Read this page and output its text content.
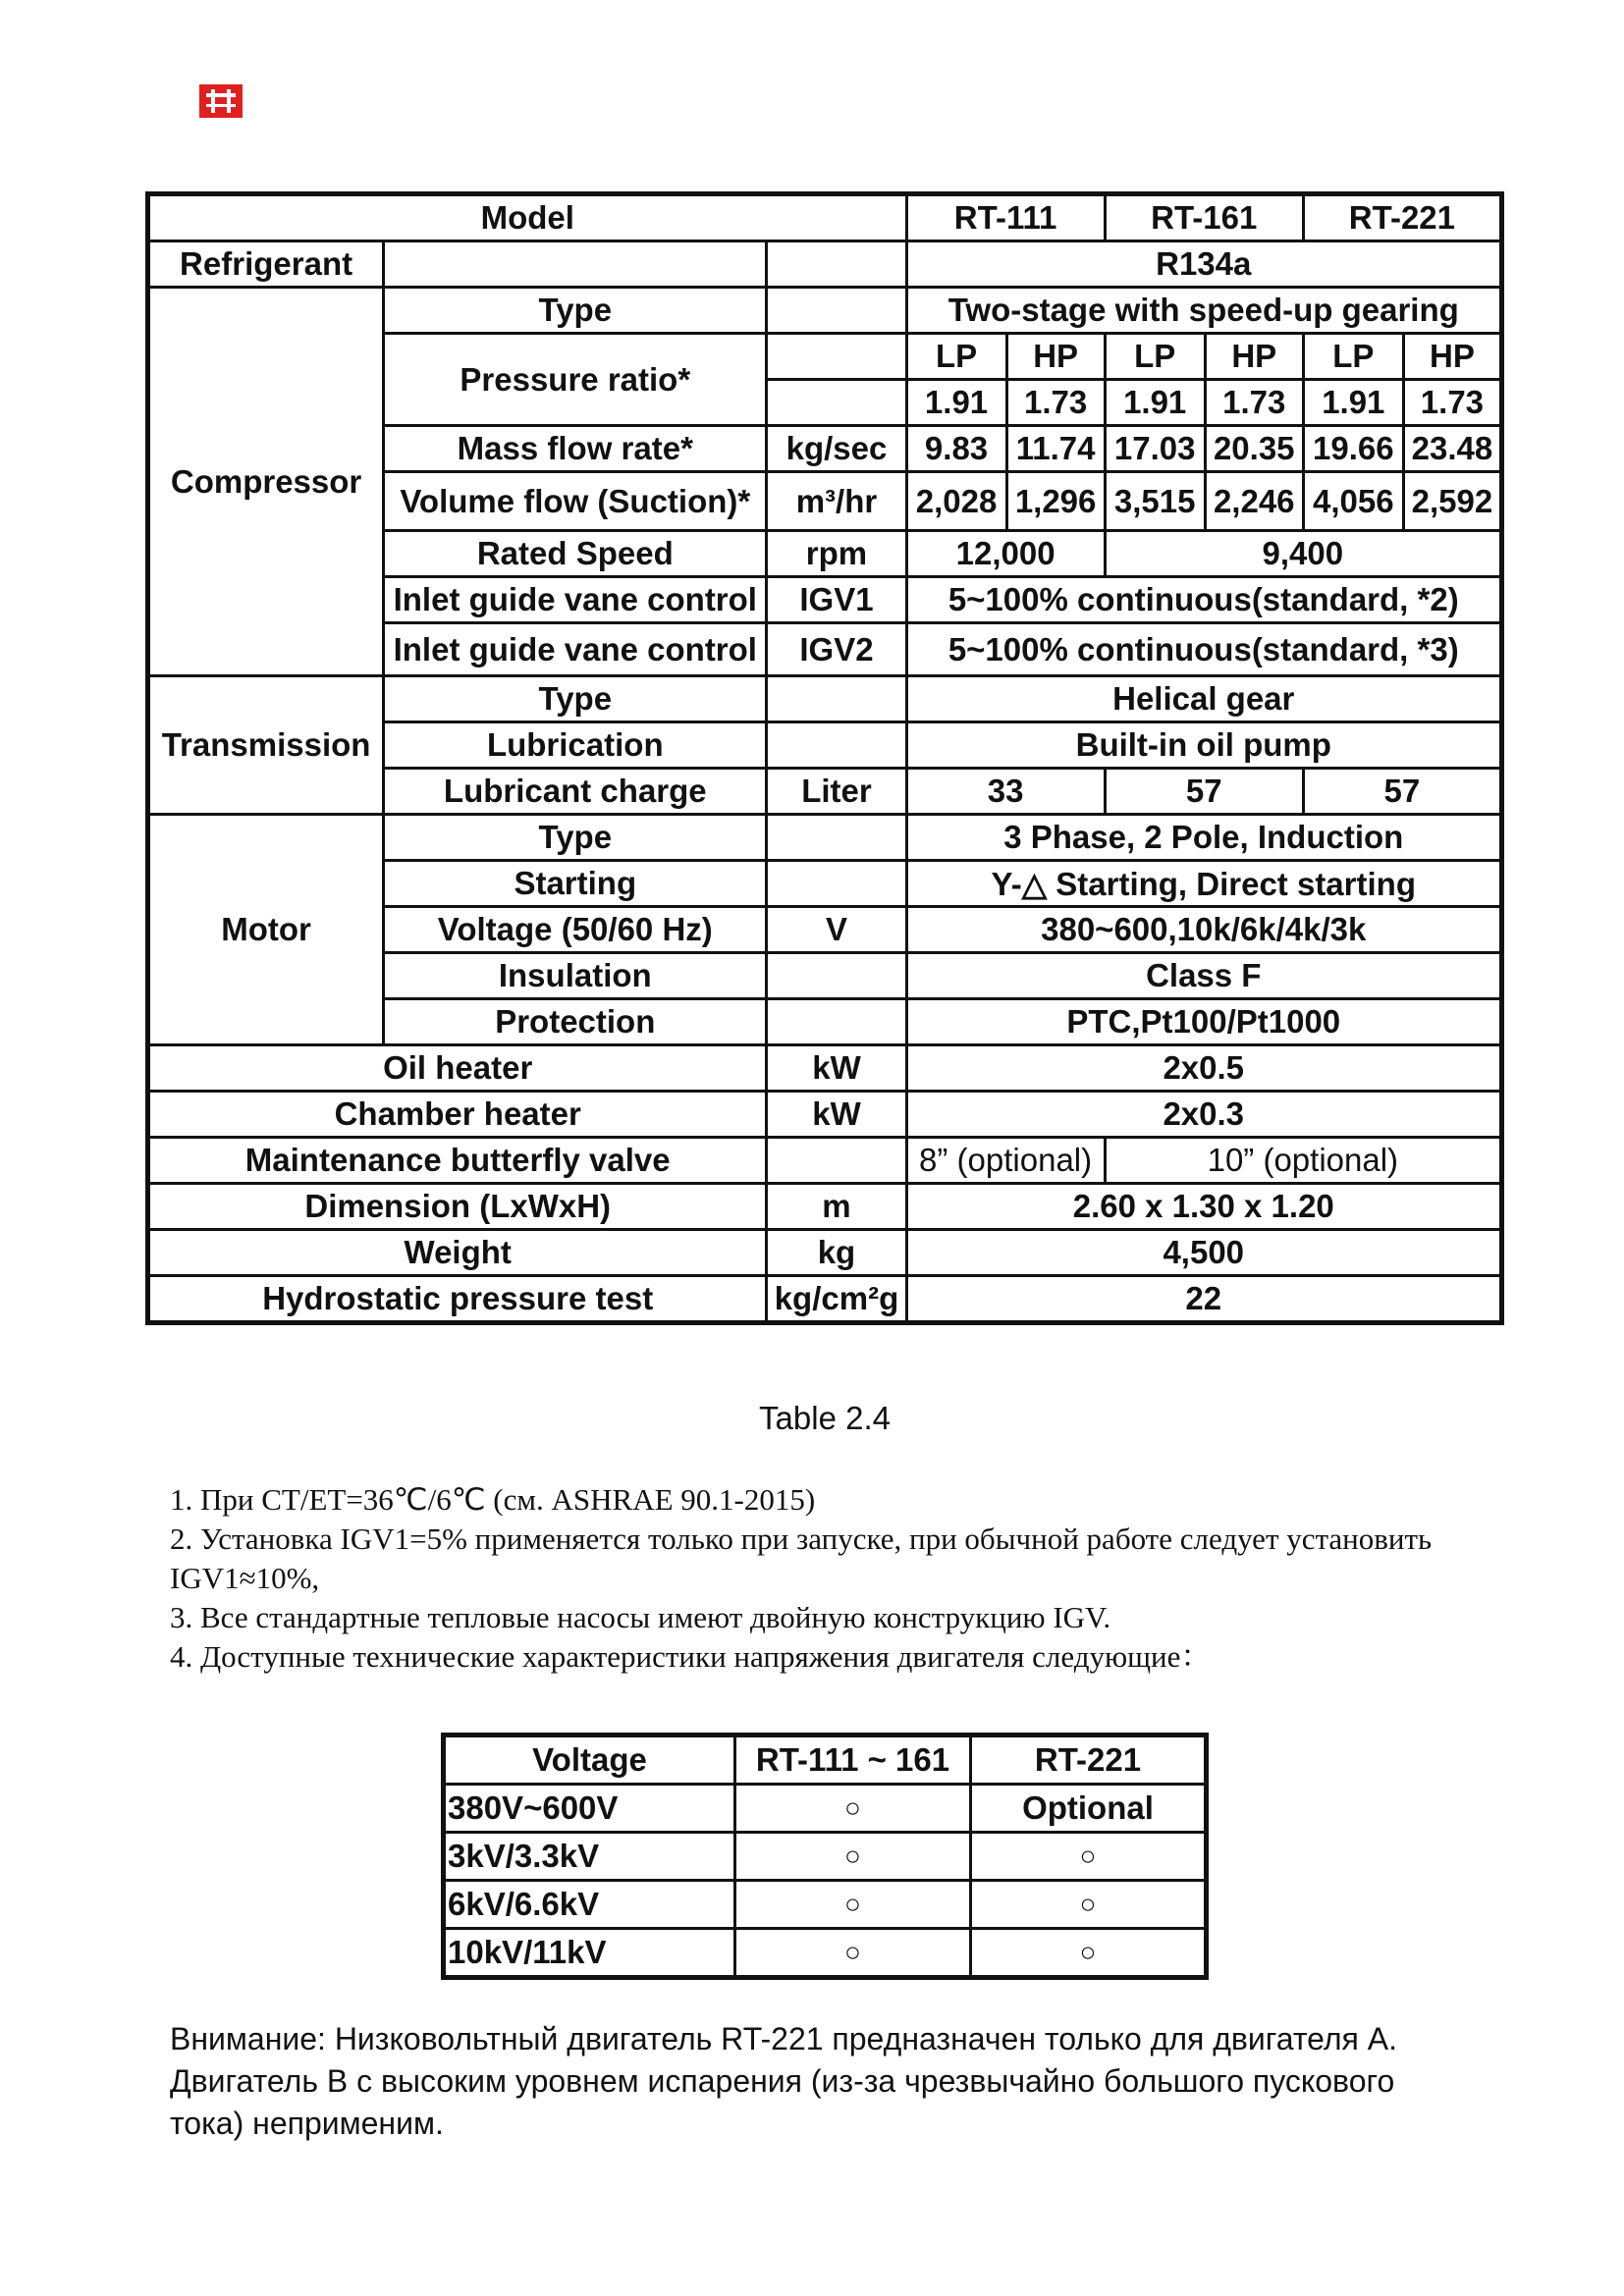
Model			RT-111		RT-161		RT-221	
Refrigerant			R134a					
Compressor	Type		Two-stage with speed-up gearing					
	Pressure ratio*		LP	HP	LP	HP	LP	HP
			1.91	1.73	1.91	1.73	1.91	1.73
	Mass flow rate*	kg/sec	9.83	11.74	17.03	20.35	19.66	23.48
	Volume flow (Suction)*	m³/hr	2,028	1,296	3,515	2,246	4,056	2,592
	Rated Speed	rpm	12,000		9,400			
	Inlet guide vane control	IGV1	5~100% continuous(standard, *2)					
	Inlet guide vane control	IGV2	5~100% continuous(standard, *3)					
Transmission	Type		Helical gear					
	Lubrication		Built-in oil pump					
	Lubricant charge	Liter	33		57		57	
Motor	Type		3 Phase, 2 Pole, Induction					
	Starting		Y-△ Starting, Direct starting					
	Voltage (50/60 Hz)	V	380~600,10k/6k/4k/3k					
	Insulation		Class F					
	Protection		PTC,Pt100/Pt1000					
Oil heater		kW	2x0.5					
Chamber heater		kW	2x0.3					
Maintenance butterfly valve			8” (optional)		10” (optional)			
Dimension (LxWxH)		m	2.60 x 1.30 x 1.20					
Weight		kg	4,500					
Hydrostatic pressure test		kg/cm²g	22					
Table 2.4
1. При CT/ET=36℃/6℃ (см. ASHRAE 90.1-2015)
2. Установка IGV1=5% применяется только при запуске, при обычной работе следует установить IGV1≈10%,
3. Все стандартные тепловые насосы имеют двойную конструкцию IGV.
4. Доступные технические характеристики напряжения двигателя следующие：
Voltage	RT-111 ~ 161	RT-221
380V~600V	○	Optional
3kV/3.3kV	○	○
6kV/6.6kV	○	○
10kV/11kV	○	○
Внимание: Низковольтный двигатель RT-221 предназначен только для двигателя A. Двигатель B с высоким уровнем испарения (из-за чрезвычайно большого пускового тока) неприменим.
